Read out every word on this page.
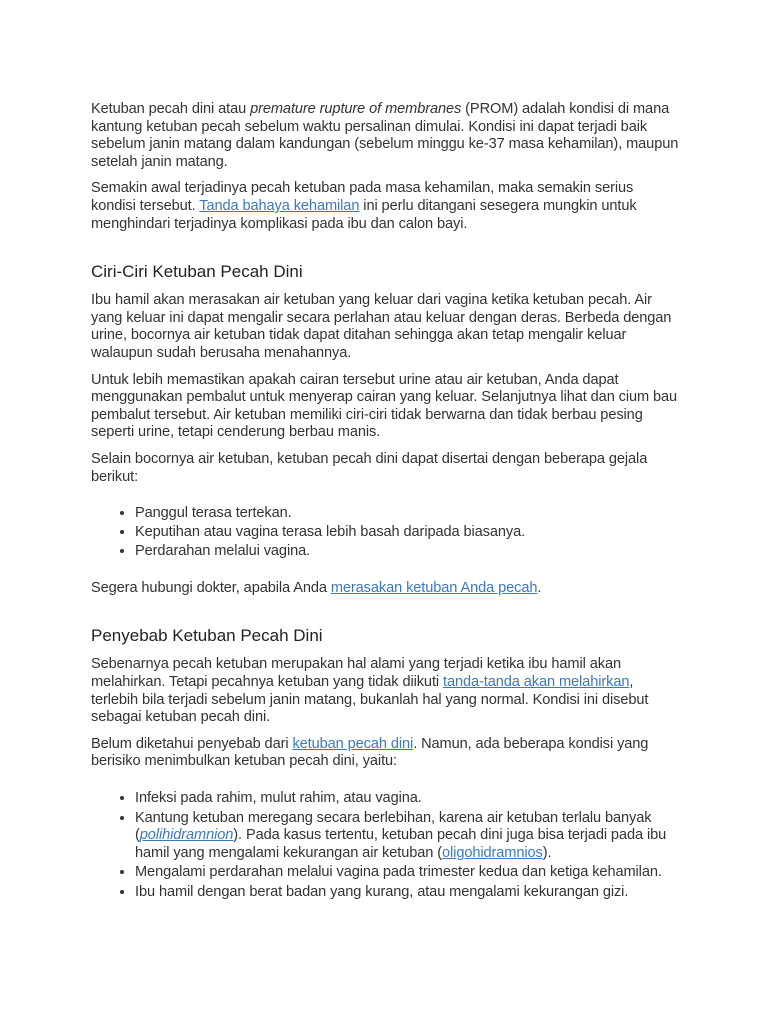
Ketuban pecah dini atau premature rupture of membranes (PROM) adalah kondisi di mana kantung ketuban pecah sebelum waktu persalinan dimulai. Kondisi ini dapat terjadi baik sebelum janin matang dalam kandungan (sebelum minggu ke-37 masa kehamilan), maupun setelah janin matang.

Semakin awal terjadinya pecah ketuban pada masa kehamilan, maka semakin serius kondisi tersebut. Tanda bahaya kehamilan ini perlu ditangani sesegera mungkin untuk menghindari terjadinya komplikasi pada ibu dan calon bayi.

Ciri-Ciri Ketuban Pecah Dini

Ibu hamil akan merasakan air ketuban yang keluar dari vagina ketika ketuban pecah. Air yang keluar ini dapat mengalir secara perlahan atau keluar dengan deras. Berbeda dengan urine, bocornya air ketuban tidak dapat ditahan sehingga akan tetap mengalir keluar walaupun sudah berusaha menahannya.

Untuk lebih memastikan apakah cairan tersebut urine atau air ketuban, Anda dapat menggunakan pembalut untuk menyerap cairan yang keluar. Selanjutnya lihat dan cium bau pembalut tersebut. Air ketuban memiliki ciri-ciri tidak berwarna dan tidak berbau pesing seperti urine, tetapi cenderung berbau manis.

Selain bocornya air ketuban, ketuban pecah dini dapat disertai dengan beberapa gejala berikut:

• Panggul terasa tertekan.
• Keputihan atau vagina terasa lebih basah daripada biasanya.
• Perdarahan melalui vagina.

Segera hubungi dokter, apabila Anda merasakan ketuban Anda pecah.

Penyebab Ketuban Pecah Dini

Sebenarnya pecah ketuban merupakan hal alami yang terjadi ketika ibu hamil akan melahirkan. Tetapi pecahnya ketuban yang tidak diikuti tanda-tanda akan melahirkan, terlebih bila terjadi sebelum janin matang, bukanlah hal yang normal. Kondisi ini disebut sebagai ketuban pecah dini.

Belum diketahui penyebab dari ketuban pecah dini. Namun, ada beberapa kondisi yang berisiko menimbulkan ketuban pecah dini, yaitu:

• Infeksi pada rahim, mulut rahim, atau vagina.
• Kantung ketuban meregang secara berlebihan, karena air ketuban terlalu banyak (polihidramnion). Pada kasus tertentu, ketuban pecah dini juga bisa terjadi pada ibu hamil yang mengalami kekurangan air ketuban (oligohidramnios).
• Mengalami perdarahan melalui vagina pada trimester kedua dan ketiga kehamilan.
• Ibu hamil dengan berat badan yang kurang, atau mengalami kekurangan gizi.
